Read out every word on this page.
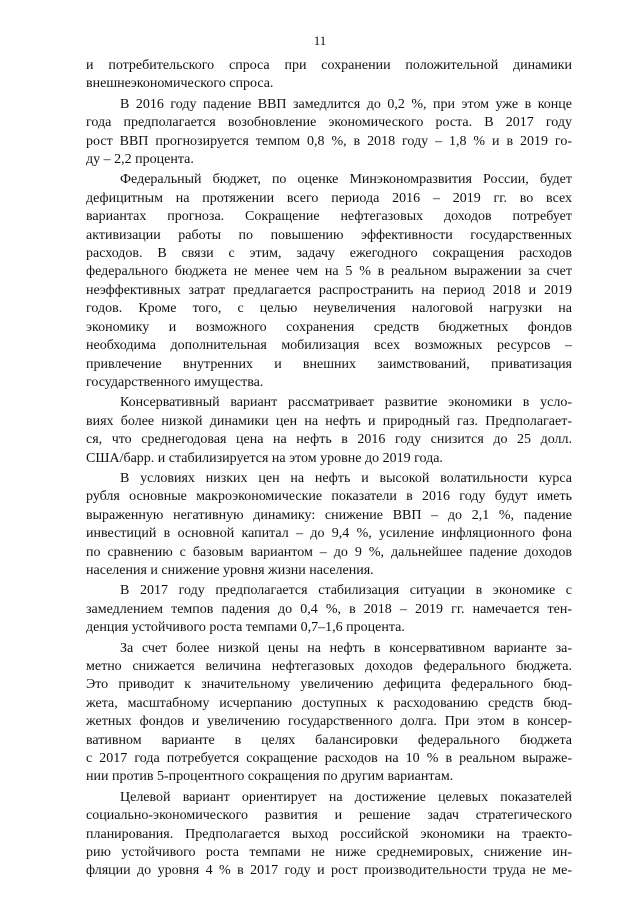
11

и потребительского спроса при сохранении положительной динамики
внешнеэкономического спроса.

В 2016 году падение ВВП замедлится до 0,2 %, при этом уже в конце
года предполагается возобновление экономического роста. В 2017 году
рост ВВП прогнозируется темпом 0,8 %, в 2018 году – 1,8 % и в 2019 го-
ду – 2,2 процента.

Федеральный бюджет, по оценке Минэкономразвития России, будет
дефицитным на протяжении всего периода 2016 – 2019 гг. во всех
вариантах прогноза. Сокращение нефтегазовых доходов потребует
активизации работы по повышению эффективности государственных
расходов. В связи с этим, задачу ежегодного сокращения расходов
федерального бюджета не менее чем на 5 % в реальном выражении за счет
неэффективных затрат предлагается распространить на период 2018 и 2019
годов. Кроме того, с целью неувеличения налоговой нагрузки на
экономику и возможного сохранения средств бюджетных фондов
необходима дополнительная мобилизация всех возможных ресурсов –
привлечение внутренних и внешних заимствований, приватизация
государственного имущества.

Консервативный вариант рассматривает развитие экономики в усло-
виях более низкой динамики цен на нефть и природный газ. Предполагает-
ся, что среднегодовая цена на нефть в 2016 году снизится до 25 долл.
США/барр. и стабилизируется на этом уровне до 2019 года.

В условиях низких цен на нефть и высокой волатильности курса
рубля основные макроэкономические показатели в 2016 году будут иметь
выраженную негативную динамику: снижение ВВП – до 2,1 %, падение
инвестиций в основной капитал – до 9,4 %, усиление инфляционного фона
по сравнению с базовым вариантом – до 9 %, дальнейшее падение доходов
населения и снижение уровня жизни населения.

В 2017 году предполагается стабилизация ситуации в экономике с
замедлением темпов падения до 0,4 %, в 2018 – 2019 гг. намечается тен-
денция устойчивого роста темпами 0,7–1,6 процента.

За счет более низкой цены на нефть в консервативном варианте за-
метно снижается величина нефтегазовых доходов федерального бюджета.
Это приводит к значительному увеличению дефицита федерального бюд-
жета, масштабному исчерпанию доступных к расходованию средств бюд-
жетных фондов и увеличению государственного долга. При этом в консер-
вативном варианте в целях балансировки федерального бюджета
с 2017 года потребуется сокращение расходов на 10 % в реальном выраже-
нии против 5-процентного сокращения по другим вариантам.

Целевой вариант ориентирует на достижение целевых показателей
социально-экономического развития и решение задач стратегического
планирования. Предполагается выход российской экономики на траекто-
рию устойчивого роста темпами не ниже среднемировых, снижение ин-
фляции до уровня 4 % в 2017 году и рост производительности труда не ме-
